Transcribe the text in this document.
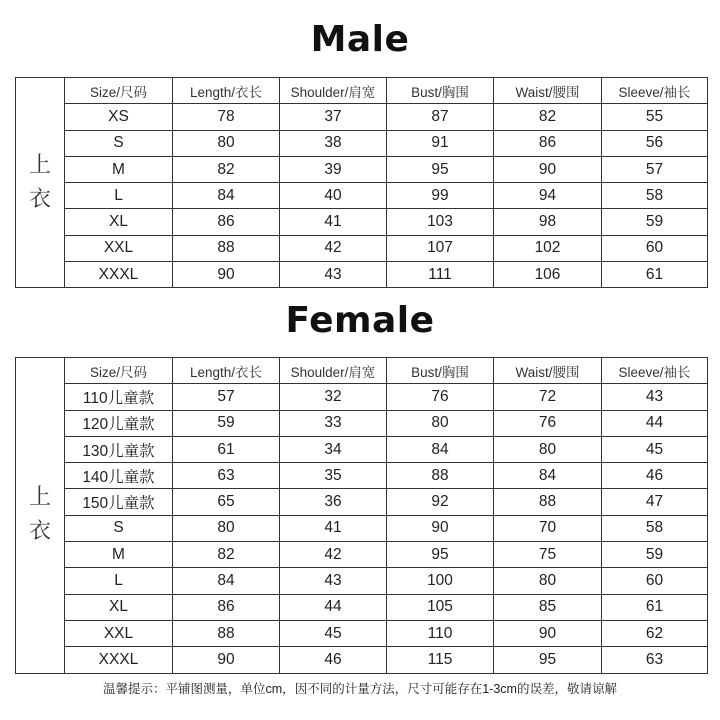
Male
上
衣	Size/尺码	Length/衣长	Shoulder/肩宽	Bust/胸围	Waist/腰围	Sleeve/袖长
	XS	78	37	87	82	55
	S	80	38	91	86	56
	M	82	39	95	90	57
	L	84	40	99	94	58
	XL	86	41	103	98	59
	XXL	88	42	107	102	60
	XXXL	90	43	111	106	61
Female
上
衣	Size/尺码	Length/衣长	Shoulder/肩宽	Bust/胸围	Waist/腰围	Sleeve/袖长
	110儿童款	57	32	76	72	43
	120儿童款	59	33	80	76	44
	130儿童款	61	34	84	80	45
	140儿童款	63	35	88	84	46
	150儿童款	65	36	92	88	47
	S	80	41	90	70	58
	M	82	42	95	75	59
	L	84	43	100	80	60
	XL	86	44	105	85	61
	XXL	88	45	110	90	62
	XXXL	90	46	115	95	63
温馨提示：平铺图测量，单位cm，因不同的计量方法，尺寸可能存在1-3cm的误差，敬请谅解
